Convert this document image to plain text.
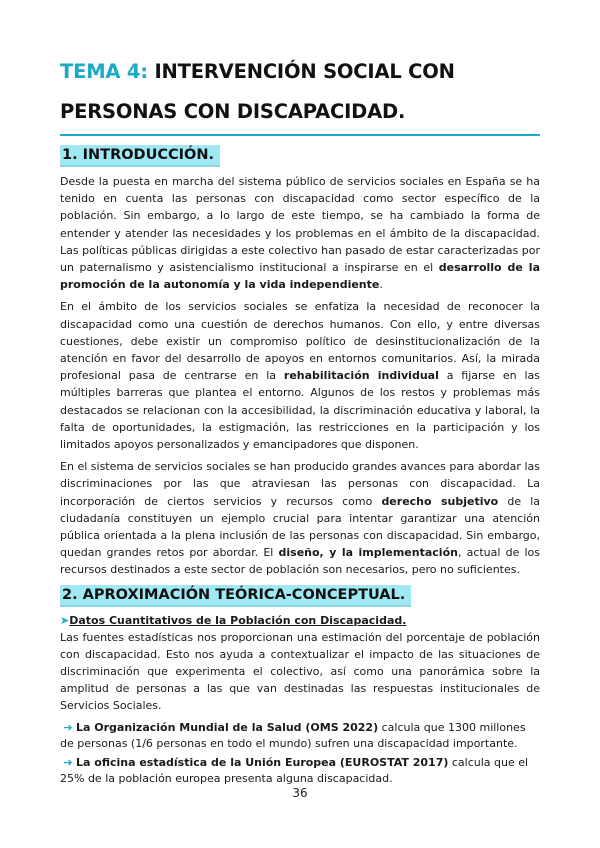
TEMA 4: INTERVENCIÓN SOCIAL CON
PERSONAS CON DISCAPACIDAD.
1. INTRODUCCIÓN.

Desde la puesta en marcha del sistema público de servicios sociales en España se ha tenido en cuenta las personas con discapacidad como sector específico de la población. Sin embargo, a lo largo de este tiempo, se ha cambiado la forma de entender y atender las necesidades y los problemas en el ámbito de la discapacidad. Las políticas públicas dirigidas a este colectivo han pasado de estar caracterizadas por un paternalismo y asistencialismo institucional a inspirarse en el desarrollo de la promoción de la autonomía y la vida independiente.

En el ámbito de los servicios sociales se enfatiza la necesidad de reconocer la discapacidad como una cuestión de derechos humanos. Con ello, y entre diversas cuestiones, debe existir un compromiso político de desinstitucionalización de la atención en favor del desarrollo de apoyos en entornos comunitarios. Así, la mirada profesional pasa de centrarse en la rehabilitación individual a fijarse en las múltiples barreras que plantea el entorno. Algunos de los restos y problemas más destacados se relacionan con la accesibilidad, la discriminación educativa y laboral, la falta de oportunidades, la estigmación, las restricciones en la participación y los limitados apoyos personalizados y emancipadores que disponen.

En el sistema de servicios sociales se han producido grandes avances para abordar las discriminaciones por las que atraviesan las personas con discapacidad. La incorporación de ciertos servicios y recursos como derecho subjetivo de la ciudadanía constituyen un ejemplo crucial para intentar garantizar una atención pública orientada a la plena inclusión de las personas con discapacidad. Sin embargo, quedan grandes retos por abordar. El diseño, y la implementación, actual de los recursos destinados a este sector de población son necesarios, pero no suficientes.

2. APROXIMACIÓN TEÓRICA-CONCEPTUAL.
➤Datos Cuantitativos de la Población con Discapacidad.

Las fuentes estadísticas nos proporcionan una estimación del porcentaje de población con discapacidad. Esto nos ayuda a contextualizar el impacto de las situaciones de discriminación que experimenta el colectivo, así como una panorámica sobre la amplitud de personas a las que van destinadas las respuestas institucionales de Servicios Sociales.

➔ La Organización Mundial de la Salud (OMS 2022) calcula que 1300 millones de personas (1/6 personas en todo el mundo) sufren una discapacidad importante.
➔ La oficina estadística de la Unión Europea (EUROSTAT 2017) calcula que el 25% de la población europea presenta alguna discapacidad.
36
